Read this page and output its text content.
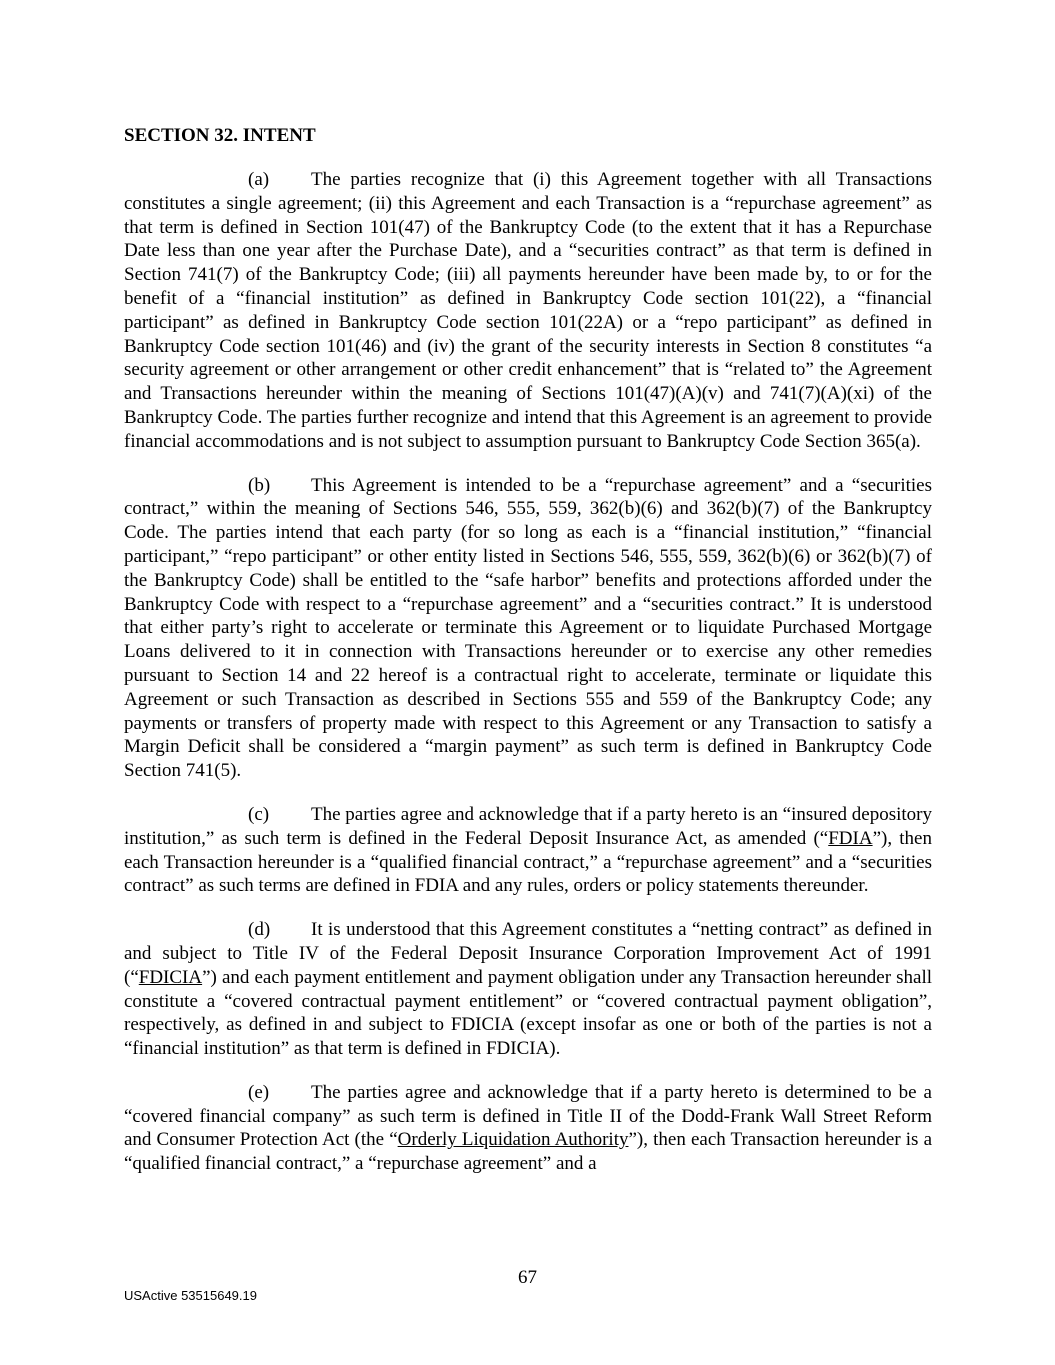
SECTION 32. INTENT
(a) The parties recognize that (i) this Agreement together with all Transactions constitutes a single agreement; (ii) this Agreement and each Transaction is a “repurchase agreement” as that term is defined in Section 101(47) of the Bankruptcy Code (to the extent that it has a Repurchase Date less than one year after the Purchase Date), and a “securities contract” as that term is defined in Section 741(7) of the Bankruptcy Code; (iii) all payments hereunder have been made by, to or for the benefit of a “financial institution” as defined in Bankruptcy Code section 101(22), a “financial participant” as defined in Bankruptcy Code section 101(22A) or a “repo participant” as defined in Bankruptcy Code section 101(46) and (iv) the grant of the security interests in Section 8 constitutes “a security agreement or other arrangement or other credit enhancement” that is “related to” the Agreement and Transactions hereunder within the meaning of Sections 101(47)(A)(v) and 741(7)(A)(xi) of the Bankruptcy Code. The parties further recognize and intend that this Agreement is an agreement to provide financial accommodations and is not subject to assumption pursuant to Bankruptcy Code Section 365(a).
(b) This Agreement is intended to be a “repurchase agreement” and a “securities contract,” within the meaning of Sections 546, 555, 559, 362(b)(6) and 362(b)(7) of the Bankruptcy Code. The parties intend that each party (for so long as each is a “financial institution,” “financial participant,” “repo participant” or other entity listed in Sections 546, 555, 559, 362(b)(6) or 362(b)(7) of the Bankruptcy Code) shall be entitled to the “safe harbor” benefits and protections afforded under the Bankruptcy Code with respect to a “repurchase agreement” and a “securities contract.” It is understood that either party’s right to accelerate or terminate this Agreement or to liquidate Purchased Mortgage Loans delivered to it in connection with Transactions hereunder or to exercise any other remedies pursuant to Section 14 and 22 hereof is a contractual right to accelerate, terminate or liquidate this Agreement or such Transaction as described in Sections 555 and 559 of the Bankruptcy Code; any payments or transfers of property made with respect to this Agreement or any Transaction to satisfy a Margin Deficit shall be considered a “margin payment” as such term is defined in Bankruptcy Code Section 741(5).
(c) The parties agree and acknowledge that if a party hereto is an “insured depository institution,” as such term is defined in the Federal Deposit Insurance Act, as amended (“FDIA”), then each Transaction hereunder is a “qualified financial contract,” a “repurchase agreement” and a “securities contract” as such terms are defined in FDIA and any rules, orders or policy statements thereunder.
(d) It is understood that this Agreement constitutes a “netting contract” as defined in and subject to Title IV of the Federal Deposit Insurance Corporation Improvement Act of 1991 (“FDICIA”) and each payment entitlement and payment obligation under any Transaction hereunder shall constitute a “covered contractual payment entitlement” or “covered contractual payment obligation”, respectively, as defined in and subject to FDICIA (except insofar as one or both of the parties is not a “financial institution” as that term is defined in FDICIA).
(e) The parties agree and acknowledge that if a party hereto is determined to be a “covered financial company” as such term is defined in Title II of the Dodd-Frank Wall Street Reform and Consumer Protection Act (the “Orderly Liquidation Authority”), then each Transaction hereunder is a “qualified financial contract,” a “repurchase agreement” and a
67
USActive 53515649.19
